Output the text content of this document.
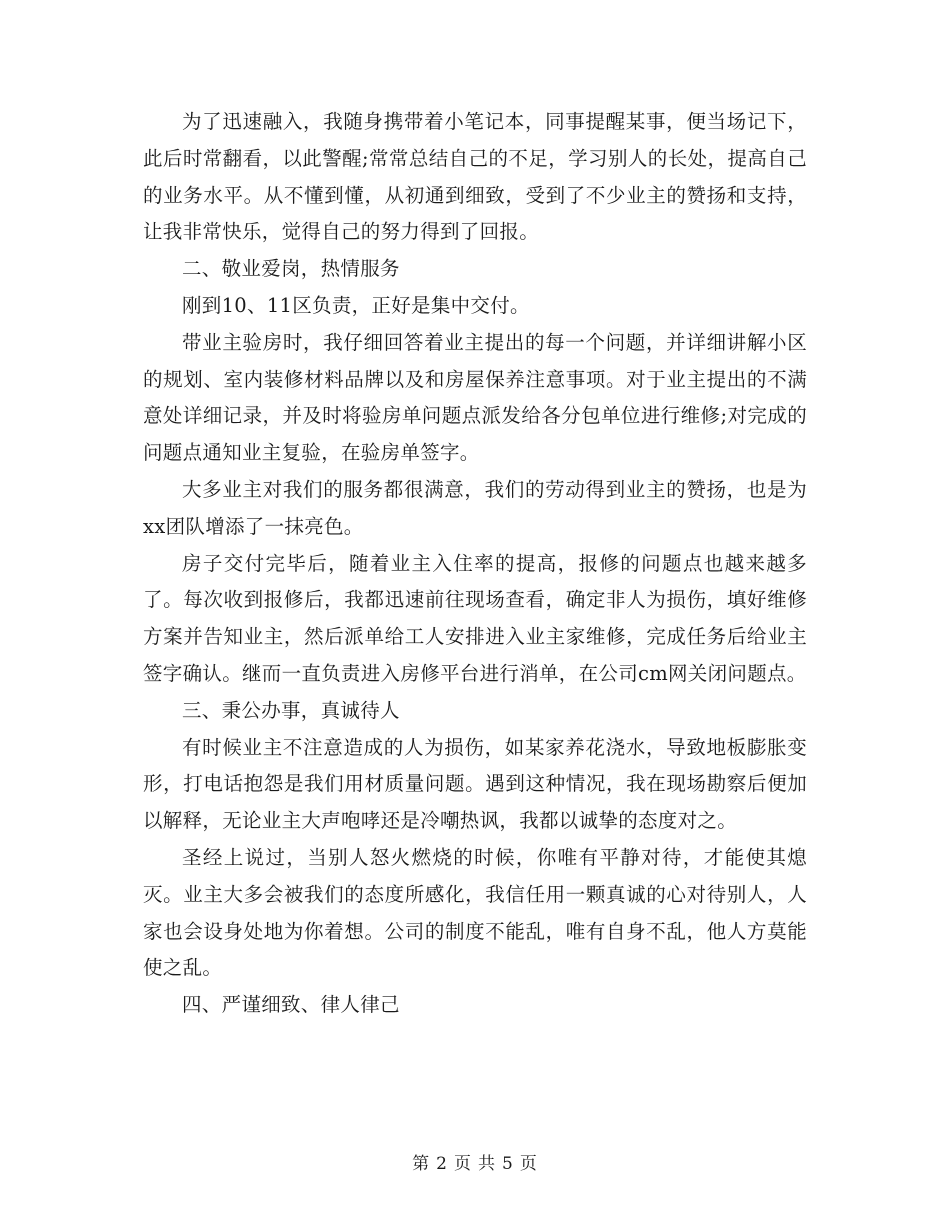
为了迅速融入，我随身携带着小笔记本，同事提醒某事，便当场记下，此后时常翻看，以此警醒;常常总结自己的不足，学习别人的长处，提高自己的业务水平。从不懂到懂，从初通到细致，受到了不少业主的赞扬和支持，让我非常快乐，觉得自己的努力得到了回报。

二、敬业爱岗，热情服务

刚到10、11区负责，正好是集中交付。

带业主验房时，我仔细回答着业主提出的每一个问题，并详细讲解小区的规划、室内装修材料品牌以及和房屋保养注意事项。对于业主提出的不满意处详细记录，并及时将验房单问题点派发给各分包单位进行维修;对完成的问题点通知业主复验，在验房单签字。

大多业主对我们的服务都很满意，我们的劳动得到业主的赞扬，也是为xx团队增添了一抹亮色。

房子交付完毕后，随着业主入住率的提高，报修的问题点也越来越多了。每次收到报修后，我都迅速前往现场查看，确定非人为损伤，填好维修方案并告知业主，然后派单给工人安排进入业主家维修，完成任务后给业主签字确认。继而一直负责进入房修平台进行消单，在公司cm网关闭问题点。

三、秉公办事，真诚待人

有时候业主不注意造成的人为损伤，如某家养花浇水，导致地板膨胀变形，打电话抱怨是我们用材质量问题。遇到这种情况，我在现场勘察后便加以解释，无论业主大声咆哮还是冷嘲热讽，我都以诚挚的态度对之。

圣经上说过，当别人怒火燃烧的时候，你唯有平静对待，才能使其熄灭。业主大多会被我们的态度所感化，我信任用一颗真诚的心对待别人，人家也会设身处地为你着想。公司的制度不能乱，唯有自身不乱，他人方莫能使之乱。

四、严谨细致、律人律己

第 2 页 共 5 页
